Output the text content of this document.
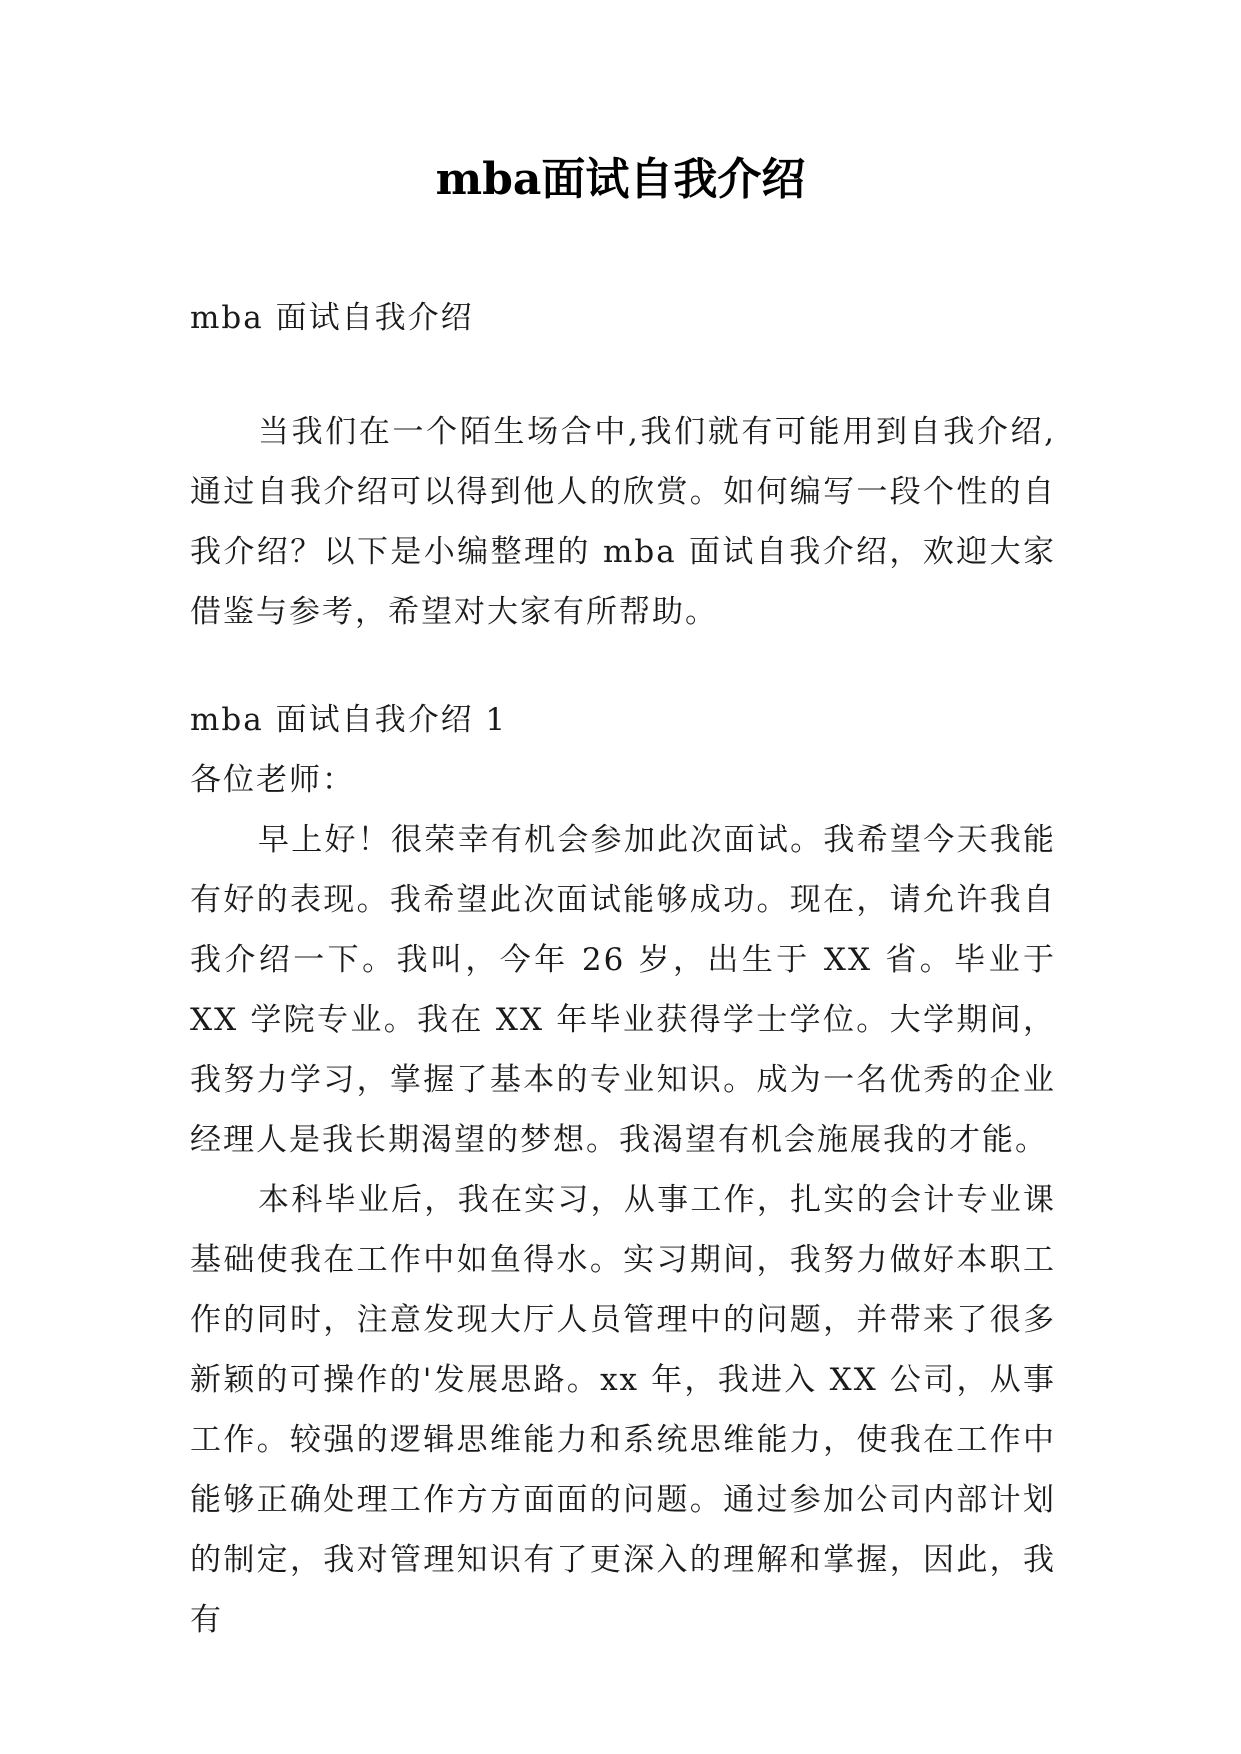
mba面试自我介绍

mba 面试自我介绍

当我们在一个陌生场合中,我们就有可能用到自我介绍,通过自我介绍可以得到他人的欣赏。如何编写一段个性的自我介绍？以下是小编整理的 mba 面试自我介绍，欢迎大家借鉴与参考，希望对大家有所帮助。

mba 面试自我介绍 1

各位老师：

早上好！很荣幸有机会参加此次面试。我希望今天我能有好的表现。我希望此次面试能够成功。现在，请允许我自我介绍一下。我叫，今年 26 岁，出生于 XX 省。毕业于 XX 学院专业。我在 XX 年毕业获得学士学位。大学期间，我努力学习，掌握了基本的专业知识。成为一名优秀的企业经理人是我长期渴望的梦想。我渴望有机会施展我的才能。

本科毕业后，我在实习，从事工作，扎实的会计专业课基础使我在工作中如鱼得水。实习期间，我努力做好本职工作的同时，注意发现大厅人员管理中的问题，并带来了很多新颖的可操作的'发展思路。xx 年，我进入 XX 公司，从事工作。较强的逻辑思维能力和系统思维能力，使我在工作中能够正确处理工作方方面面的问题。通过参加公司内部计划的制定，我对管理知识有了更深入的理解和掌握，因此，我有
